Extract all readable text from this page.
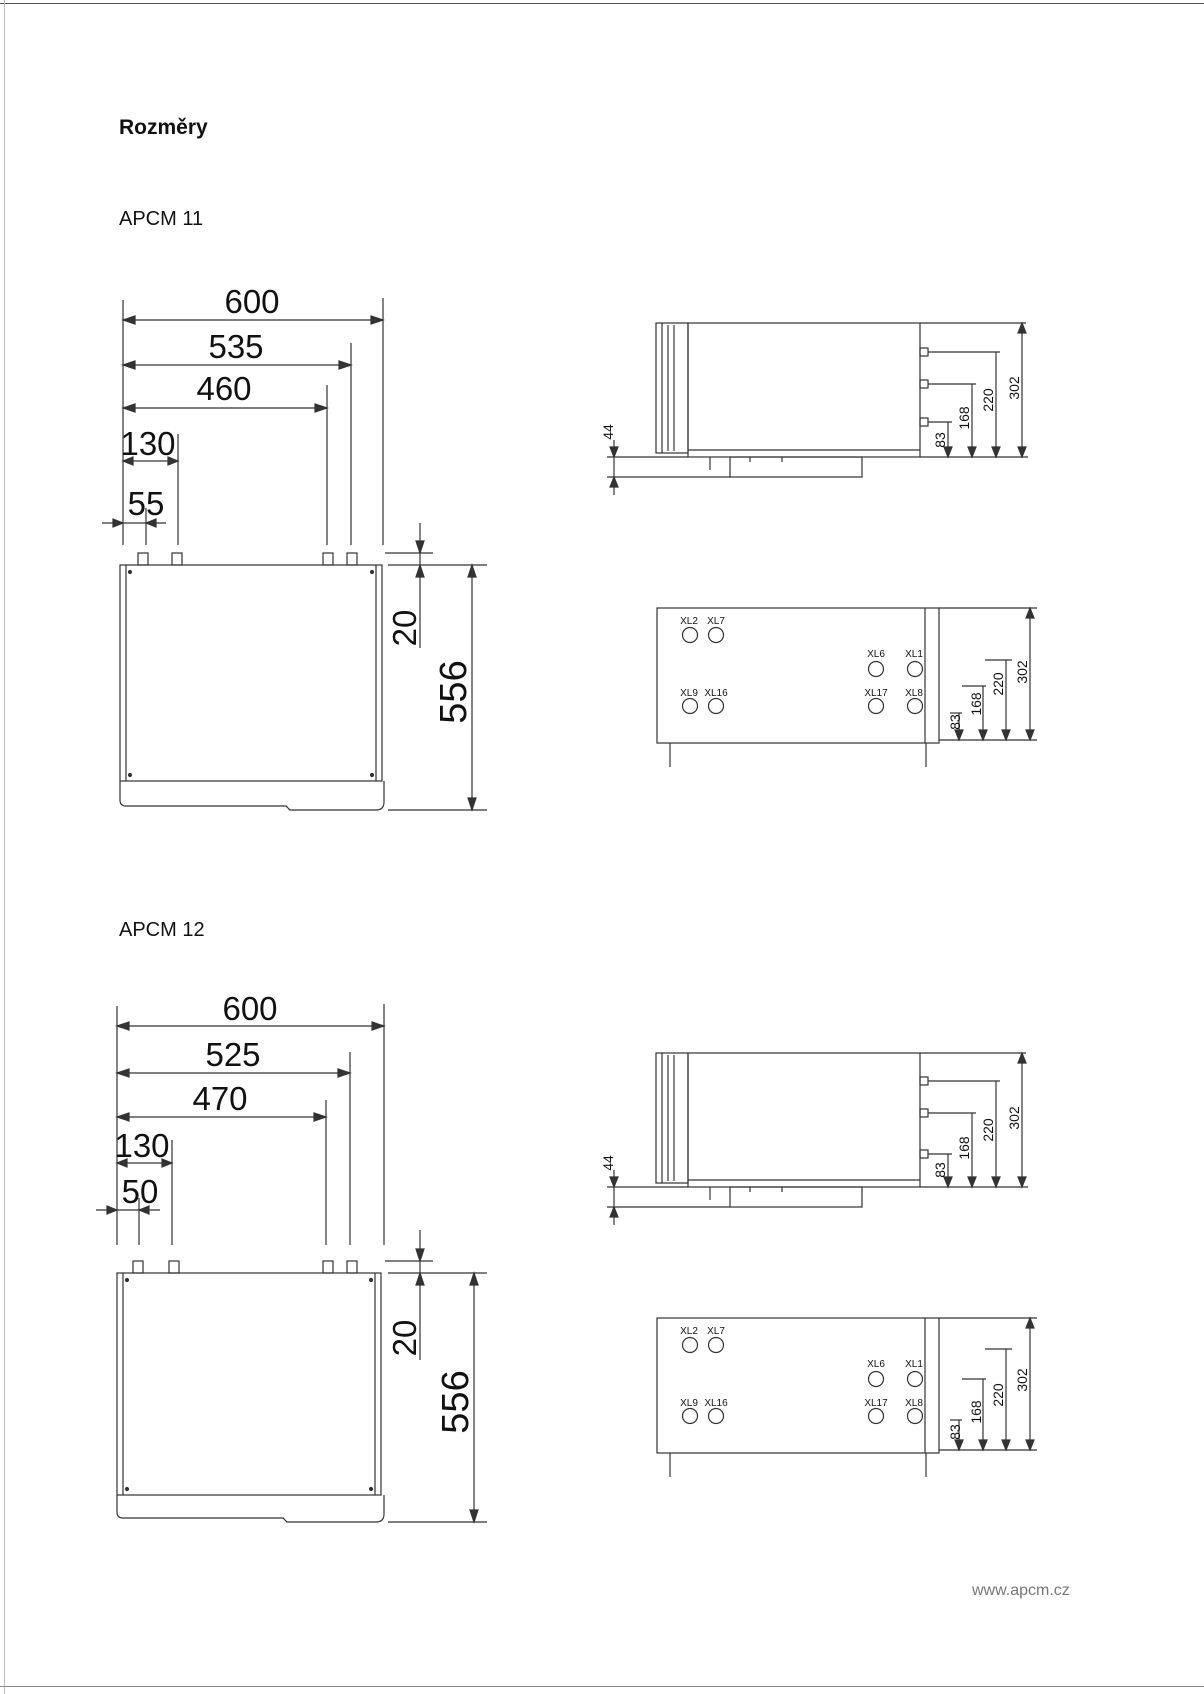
Rozměry
APCM 11
600
535
460
130
55
20
556
44
83
168
220
302
XL2 XL7
XL6 XL1
XL9 XL16	XL17 XL8
83
168
220
302
600
525
470
130
50
20
556
44	83
168
220
302
XL2 XL7
XL6 XL1
XL9 XL16	XL17 XL8
83
168
220
302
APCM 12
www.apcm.cz
